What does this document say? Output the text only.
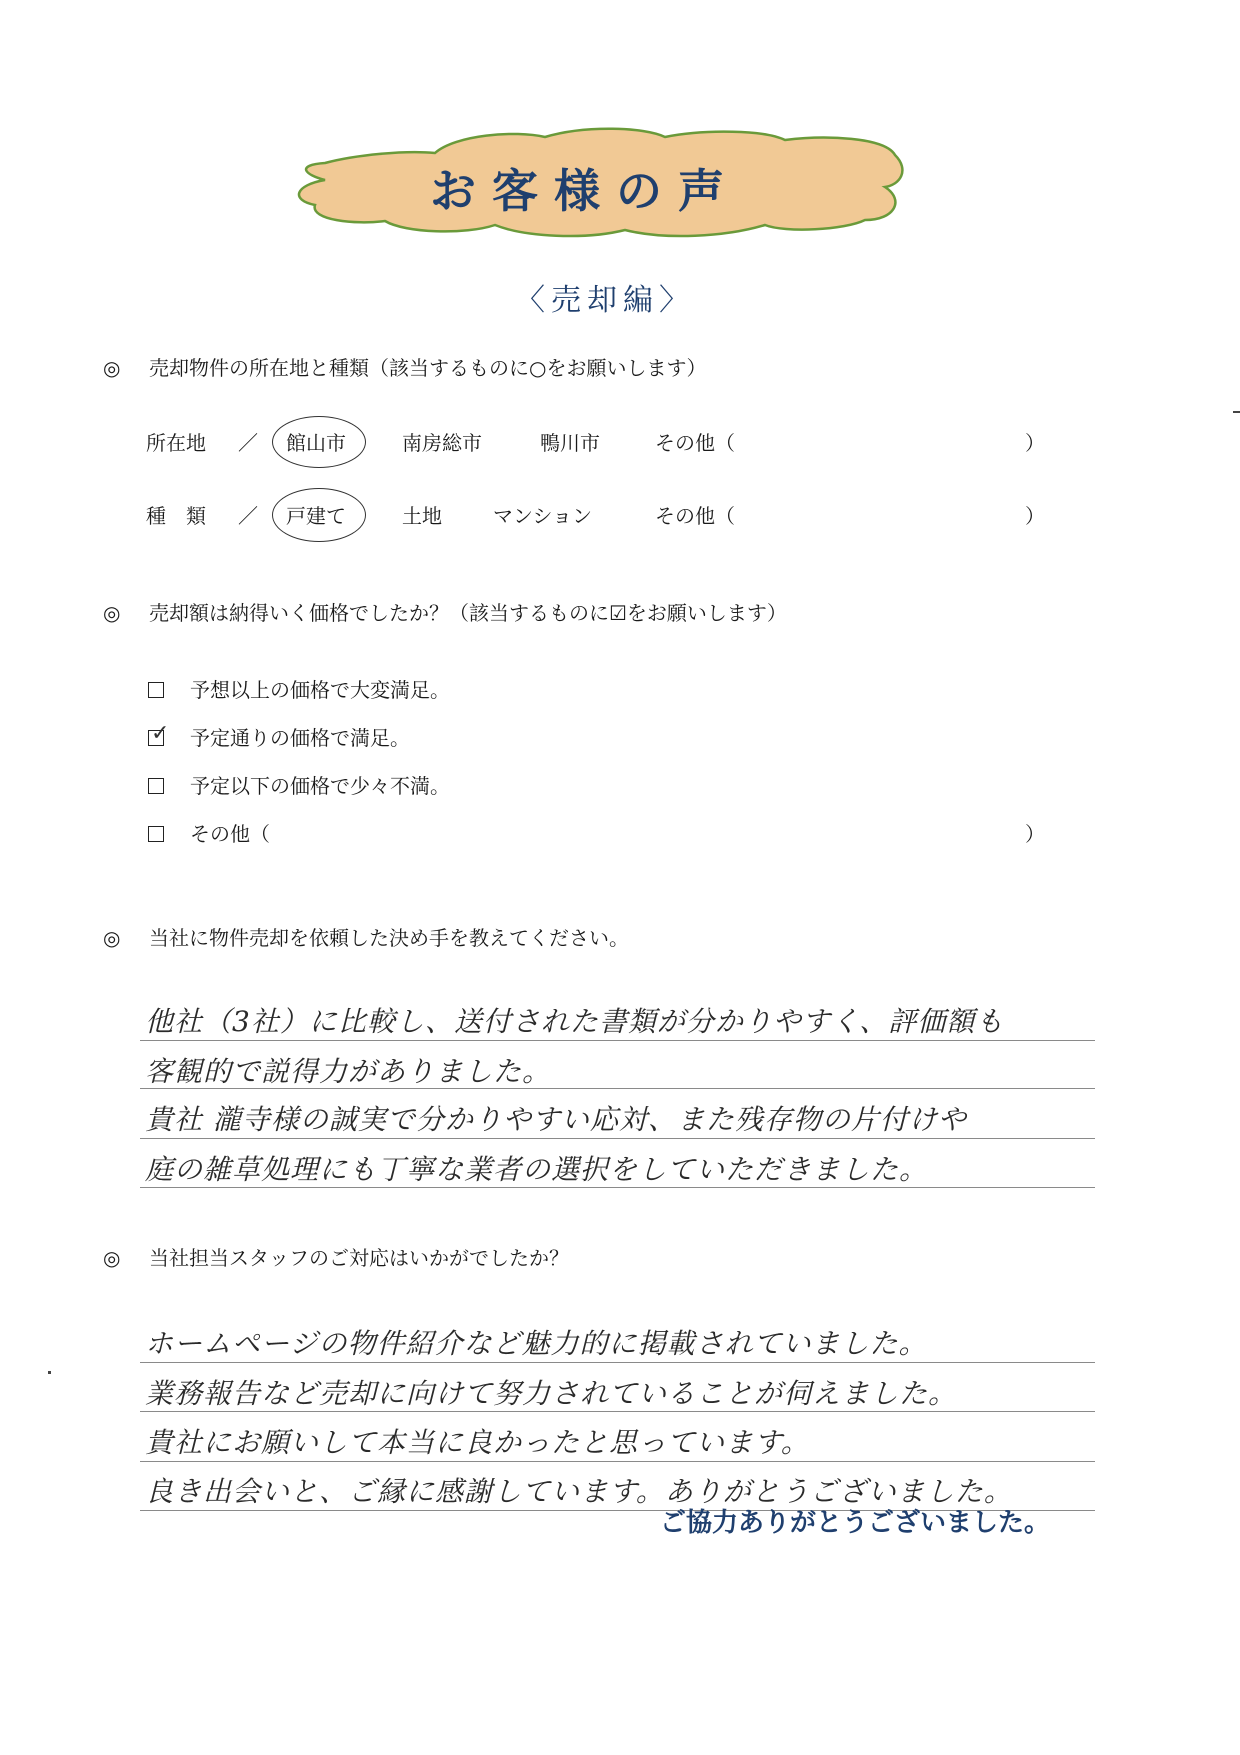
お客様の声
〈売却編〉
◎ 売却物件の所在地と種類（該当するものに○をお願いします）
所在地 ／ 館山市	南房総市	鴨川市	その他（	）
種　類 ／ 戸建て	土地	マンション	その他（	）
◎ 売却額は納得いく価格でしたか？（該当するものに☑をお願いします）
予想以上の価格で大変満足。
✓ 予定通りの価格で満足。
予定以下の価格で少々不満。
その他（	）
◎ 当社に物件売却を依頼した決め手を教えてください。
他社（3社）に比較し、送付された書類が分かりやすく、評価額も
客観的で説得力がありました。
貴社 瀧寺様の誠実で分かりやすい応対、また残存物の片付けや
庭の雑草処理にも丁寧な業者の選択をしていただきました。
◎ 当社担当スタッフのご対応はいかがでしたか？
ホームページの物件紹介など魅力的に掲載されていました。
業務報告など売却に向けて努力されていることが伺えました。
貴社にお願いして本当に良かったと思っています。
良き出会いと、ご縁に感謝しています。ありがとうございました。
ご協力ありがとうございました。
